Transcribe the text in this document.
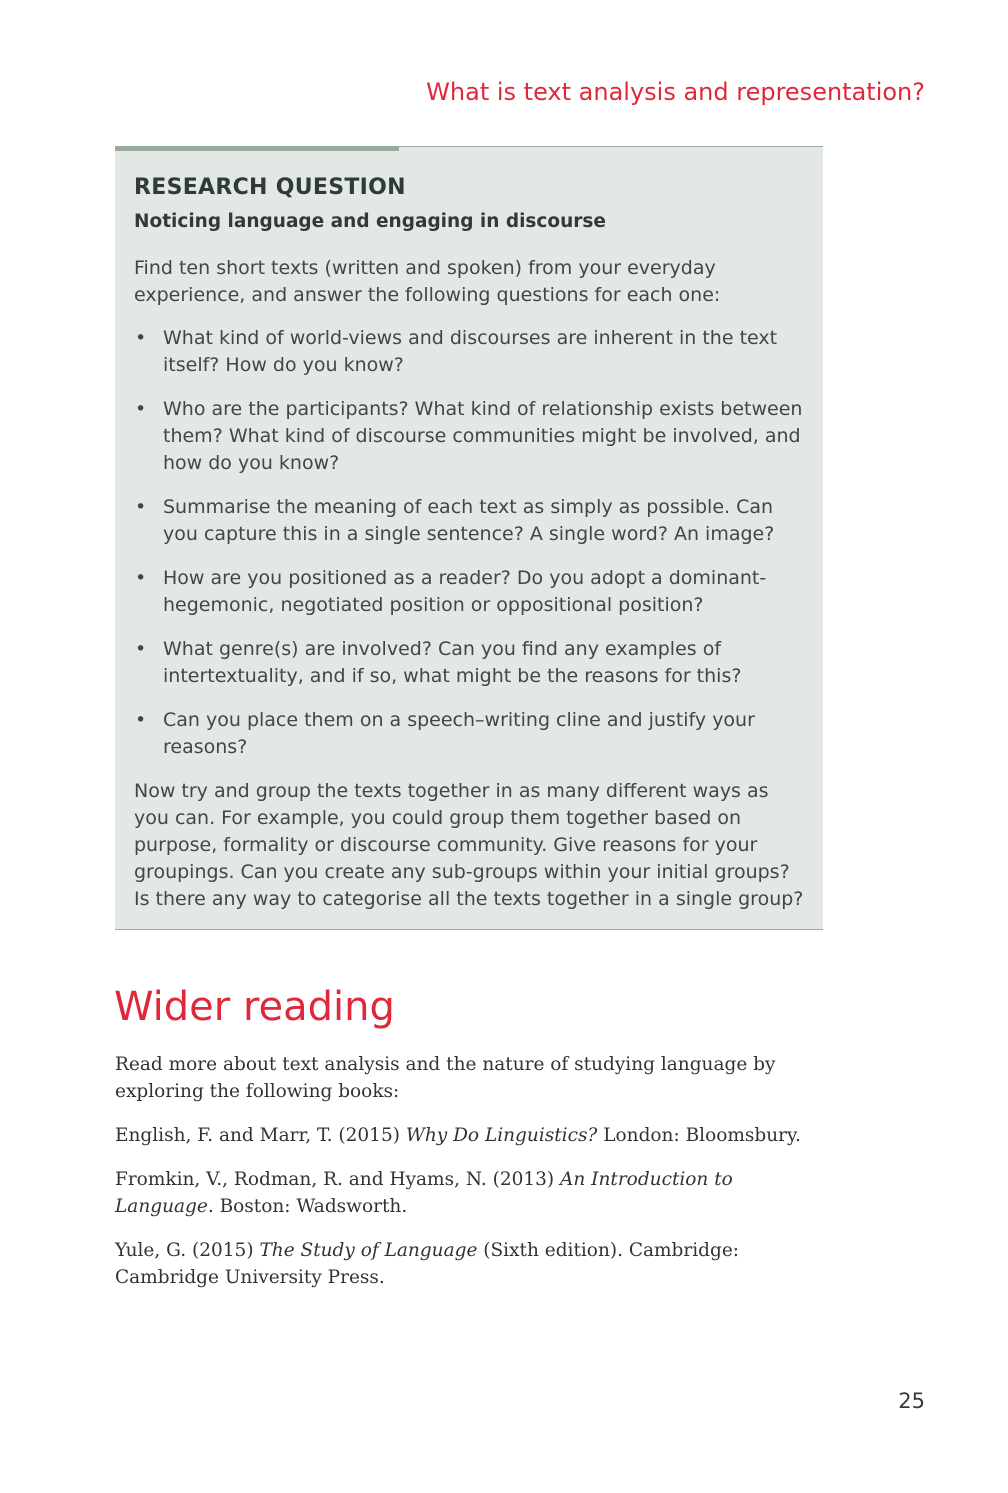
What is text analysis and representation?
RESEARCH QUESTION
Noticing language and engaging in discourse

Find ten short texts (written and spoken) from your everyday experience, and answer the following questions for each one:

• What kind of world-views and discourses are inherent in the text itself? How do you know?
• Who are the participants? What kind of relationship exists between them? What kind of discourse communities might be involved, and how do you know?
• Summarise the meaning of each text as simply as possible. Can you capture this in a single sentence? A single word? An image?
• How are you positioned as a reader? Do you adopt a dominant-hegemonic, negotiated position or oppositional position?
• What genre(s) are involved? Can you find any examples of intertextuality, and if so, what might be the reasons for this?
• Can you place them on a speech–writing cline and justify your reasons?

Now try and group the texts together in as many different ways as you can. For example, you could group them together based on purpose, formality or discourse community. Give reasons for your groupings. Can you create any sub-groups within your initial groups? Is there any way to categorise all the texts together in a single group?

Wider reading

Read more about text analysis and the nature of studying language by exploring the following books:

English, F. and Marr, T. (2015) Why Do Linguistics? London: Bloomsbury.

Fromkin, V., Rodman, R. and Hyams, N. (2013) An Introduction to Language. Boston: Wadsworth.

Yule, G. (2015) The Study of Language (Sixth edition). Cambridge: Cambridge University Press.

25
